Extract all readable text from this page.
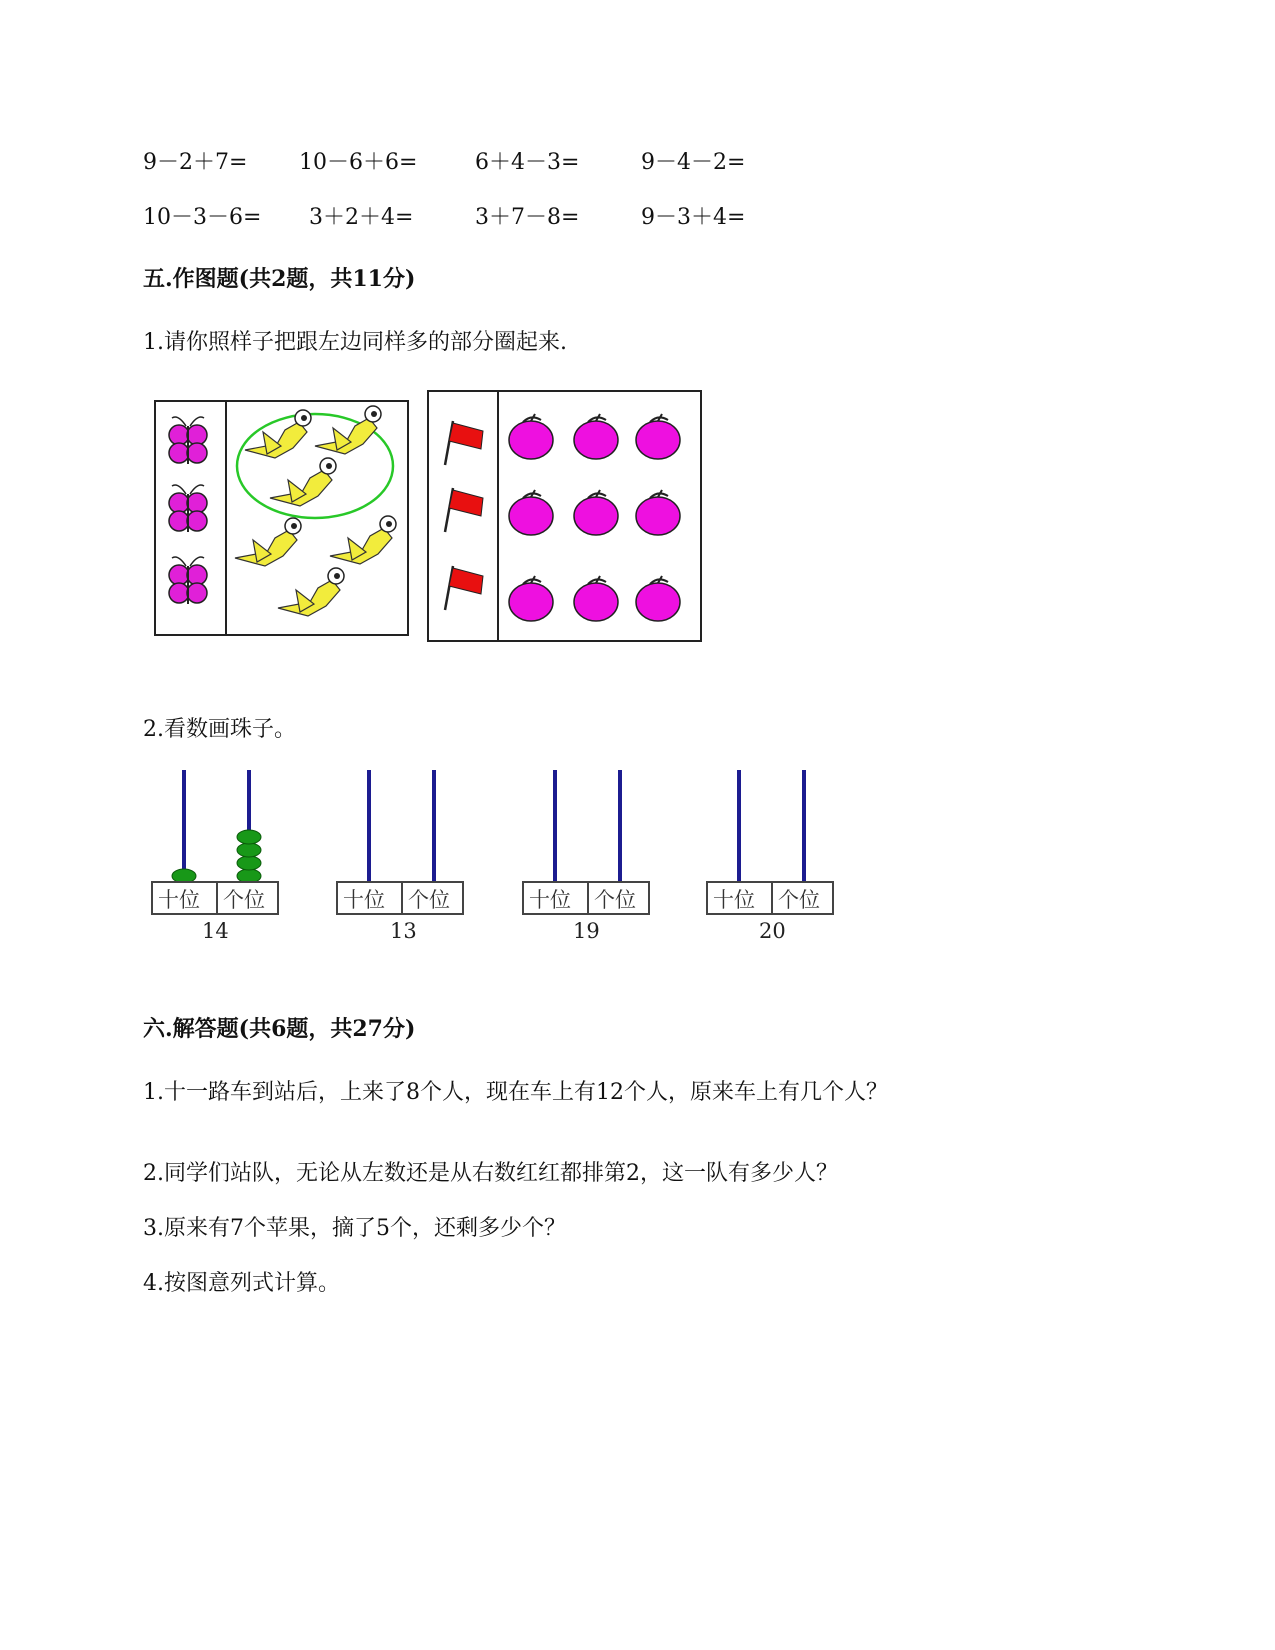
9－2＋7= 10－6＋6=	6＋4－3=	9－4－2=
10－3－6= 3＋2＋4=	3＋7－8=	9－3＋4=
五.作图题(共2题，共11分)
1.请你照样子把跟左边同样多的部分圈起来.
2.看数画珠子。
十位 个位
14
十位 个位
13
十位 个位
19
十位 个位
20
六.解答题(共6题，共27分)
1.十一路车到站后，上来了8个人，现在车上有12个人，原来车上有几个人？
2.同学们站队，无论从左数还是从右数红红都排第2，这一队有多少人？
3.原来有7个苹果，摘了5个，还剩多少个？
4.按图意列式计算。
